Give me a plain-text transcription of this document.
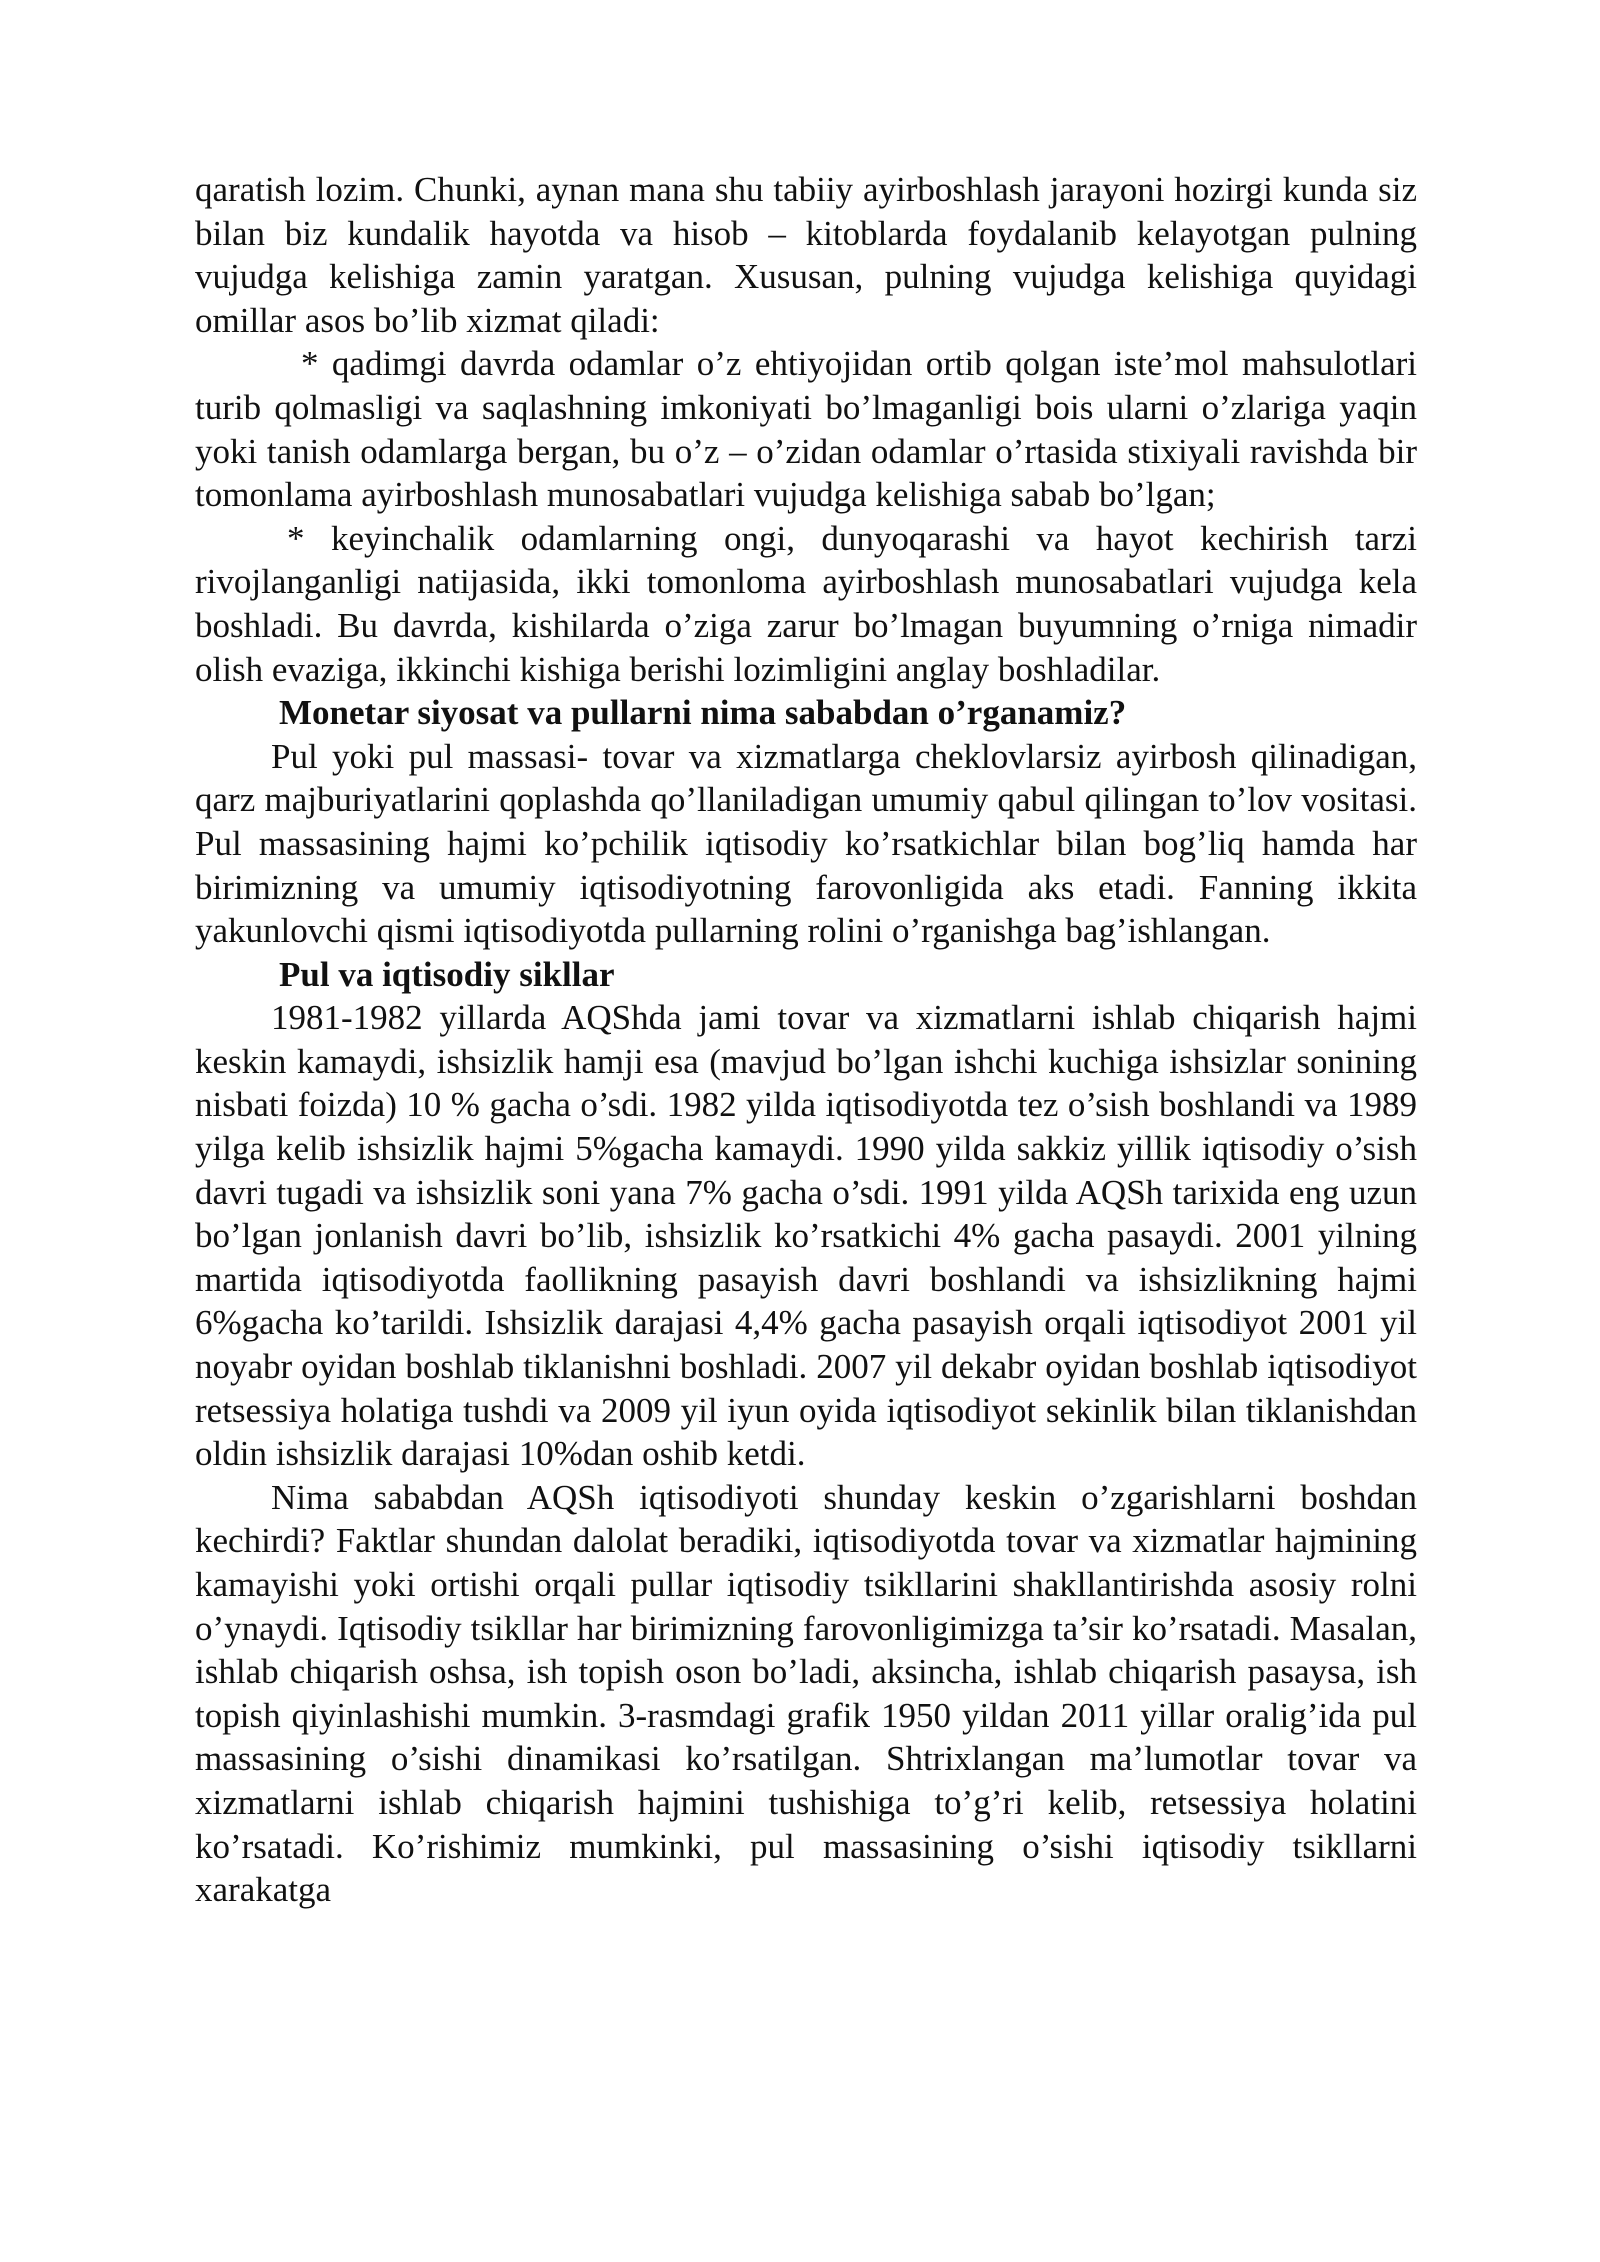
qaratish lozim. Chunki, aynan mana shu tabiiy ayirboshlash jarayoni hozirgi kunda siz bilan biz kundalik hayotda va hisob – kitoblarda foydalanib kelayotgan pulning vujudga kelishiga zamin yaratgan. Xususan, pulning vujudga kelishiga quyidagi omillar asos bo’lib xizmat qiladi:

* qadimgi davrda odamlar o’z ehtiyojidan ortib qolgan iste’mol mahsulotlari turib qolmasligi va saqlashning imkoniyati bo’lmaganligi bois ularni o’zlariga yaqin yoki tanish odamlarga bergan, bu o’z – o’zidan odamlar o’rtasida stixiyali ravishda bir tomonlama ayirboshlash munosabatlari vujudga kelishiga sabab bo’lgan;

* keyinchalik odamlarning ongi, dunyoqarashi va hayot kechirish tarzi rivojlanganligi natijasida, ikki tomonloma ayirboshlash munosabatlari vujudga kela boshladi. Bu davrda, kishilarda o’ziga zarur bo’lmagan buyumning o’rniga nimadir olish evaziga, ikkinchi kishiga berishi lozimligini anglay boshladilar.

Monetar siyosat va pullarni nima sababdan o’rganamiz?

Pul yoki pul massasi- tovar va xizmatlarga cheklovlarsiz ayirbosh qilinadigan, qarz majburiyatlarini qoplashda qo’llaniladigan umumiy qabul qilingan to’lov vositasi. Pul massasining hajmi ko’pchilik iqtisodiy ko’rsatkichlar bilan bog’liq hamda har birimizning va umumiy iqtisodiyotning farovonligida aks etadi. Fanning ikkita yakunlovchi qismi iqtisodiyotda pullarning rolini o’rganishga bag’ishlangan.

Pul va iqtisodiy sikllar

1981-1982 yillarda AQShda jami tovar va xizmatlarni ishlab chiqarish hajmi keskin kamaydi, ishsizlik hamji esa (mavjud bo’lgan ishchi kuchiga ishsizlar sonining nisbati foizda) 10 % gacha o’sdi. 1982 yilda iqtisodiyotda tez o’sish boshlandi va 1989 yilga kelib ishsizlik hajmi 5%gacha kamaydi. 1990 yilda sakkiz yillik iqtisodiy o’sish davri tugadi va ishsizlik soni yana 7% gacha o’sdi. 1991 yilda AQSh tarixida eng uzun bo’lgan jonlanish davri bo’lib, ishsizlik ko’rsatkichi 4% gacha pasaydi. 2001 yilning martida iqtisodiyotda faollikning pasayish davri boshlandi va ishsizlikning hajmi 6%gacha ko’tarildi. Ishsizlik darajasi 4,4% gacha pasayish orqali iqtisodiyot 2001 yil noyabr oyidan boshlab tiklanishni boshladi. 2007 yil dekabr oyidan boshlab iqtisodiyot retsessiya holatiga tushdi va 2009 yil iyun oyida iqtisodiyot sekinlik bilan tiklanishdan oldin ishsizlik darajasi 10%dan oshib ketdi.

Nima sababdan AQSh iqtisodiyoti shunday keskin o’zgarishlarni boshdan kechirdi? Faktlar shundan dalolat beradiki, iqtisodiyotda tovar va xizmatlar hajmining kamayishi yoki ortishi orqali pullar iqtisodiy tsikllarini shakllantirishda asosiy rolni o’ynaydi. Iqtisodiy tsikllar har birimizning farovonligimizga ta’sir ko’rsatadi. Masalan, ishlab chiqarish oshsa, ish topish oson bo’ladi, aksincha, ishlab chiqarish pasaysa, ish topish qiyinlashishi mumkin. 3-rasmdagi grafik 1950 yildan 2011 yillar oralig’ida pul massasining o’sishi dinamikasi ko’rsatilgan. Shtrixlangan ma’lumotlar tovar va xizmatlarni ishlab chiqarish hajmini tushishiga to’g’ri kelib, retsessiya holatini ko’rsatadi. Ko’rishimiz mumkinki, pul massasining o’sishi iqtisodiy tsikllarni xarakatga
